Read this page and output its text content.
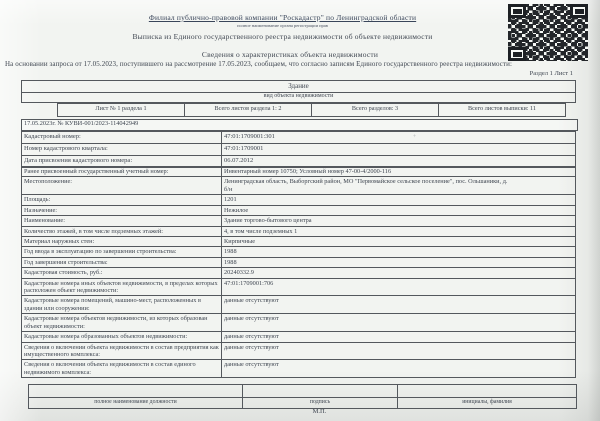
Филиал публично-правовой компании "Роскадастр" по Ленинградской области
полное наименование органа регистрации прав
Выписка из Единого государственного реестра недвижимости об объекте недвижимости
Сведения о характеристиках объекта недвижимости
На основании запроса от 17.05.2023, поступившего на рассмотрение 17.05.2023, сообщаем, что согласно записям Единого государственного реестра недвижимости:
Раздел 1 Лист 1
Здание
вид объекта недвижимости
Лист № 1 раздела 1	Всего листов раздела 1: 2	Всего разделов: 3	Всего листов выписки: 11
17.05.2023г. № КУВИ-001/2023-114042949
Кадастровый номер:	47:01:1709001:301 +
Номер кадастрового квартала:	47:01:1709001
Дата присвоения кадастрового номера:	06.07.2012
Ранее присвоенный государственный учетный номер:	Инвентарный номер 10750; Условный номер 47-00-4/2000-116
Местоположение:	Ленинградская область, Выборгский район, МО "Первомайское сельское поселение", пос. Ольшаники, д.
б/н

Площадь:	1201
Назначение:	Нежилое
Наименование:	Здание торгово-бытового центра
Количество этажей, в том числе подземных этажей:	4, в том числе подземных 1
Материал наружных стен:	Кирпичные
Год ввода в эксплуатацию по завершении строительства:	1988
Год завершения строительства:	1988
Кадастровая стоимость, руб.:	20240332.9
Кадастровые номера иных объектов недвижимости, в пределах которых расположен объект недвижимости:	47:01:1709001:706
Кадастровые номера помещений, машино-мест, расположенных в здании или сооружении:	данные отсутствуют
Кадастровые номера объектов недвижимости, из которых образован объект недвижимости:	данные отсутствуют
Кадастровые номера образованных объектов недвижимости:	данные отсутствуют
Сведения о включении объекта недвижимости в состав предприятия как имущественного комплекса:	данные отсутствуют
Сведения о включении объекта недвижимости в состав единого недвижимого комплекса:	данные отсутствуют

полное наименование должности	подпись	инициалы, фамилия
М.П.
